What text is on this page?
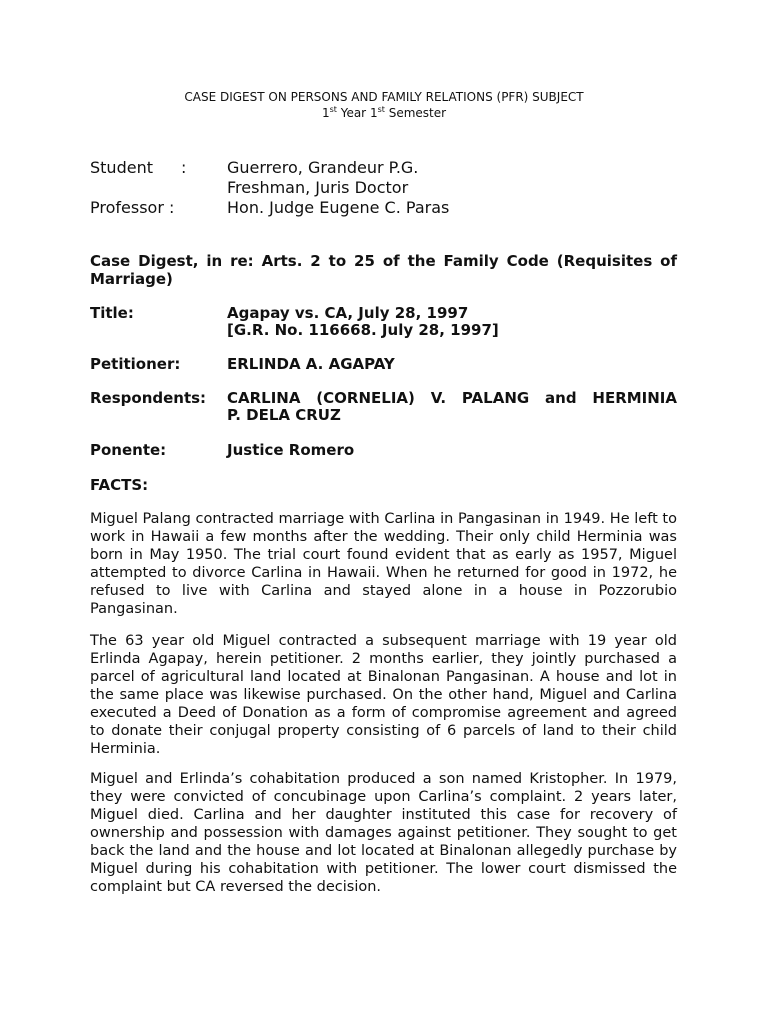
CASE DIGEST ON PERSONS AND FAMILY RELATIONS (PFR) SUBJECT
1st Year 1st Semester
Student :	Guerrero, Grandeur P.G.
Freshman, Juris Doctor
Professor :	Hon. Judge Eugene C. Paras
Case Digest, in re: Arts. 2 to 25 of the Family Code (Requisites of
Marriage)
Title:	Agapay vs. CA, July 28, 1997
[G.R. No. 116668. July 28, 1997]
Petitioner:	ERLINDA A. AGAPAY
Respondents: CARLINA (CORNELIA) V. PALANG and HERMINIA
P. DELA CRUZ
Ponente:	Justice Romero
FACTS:
Miguel Palang contracted marriage with Carlina in Pangasinan in 1949. He left to work in Hawaii a few months after the wedding. Their only child Herminia was born in May 1950. The trial court found evident that as early as 1957, Miguel attempted to divorce Carlina in Hawaii. When he returned for good in 1972, he refused to live with Carlina and stayed alone in a house in Pozzorubio Pangasinan.
The 63 year old Miguel contracted a subsequent marriage with 19 year old Erlinda Agapay, herein petitioner. 2 months earlier, they jointly purchased a parcel of agricultural land located at Binalonan Pangasinan. A house and lot in the same place was likewise purchased. On the other hand, Miguel and Carlina executed a Deed of Donation as a form of compromise agreement and agreed to donate their conjugal property consisting of 6 parcels of land to their child Herminia.
Miguel and Erlinda’s cohabitation produced a son named Kristopher. In 1979, they were convicted of concubinage upon Carlina’s complaint. 2 years later, Miguel died. Carlina and her daughter instituted this case for recovery of ownership and possession with damages against petitioner. They sought to get back the land and the house and lot located at Binalonan allegedly purchase by Miguel during his cohabitation with petitioner. The lower court dismissed the complaint but CA reversed the decision.
